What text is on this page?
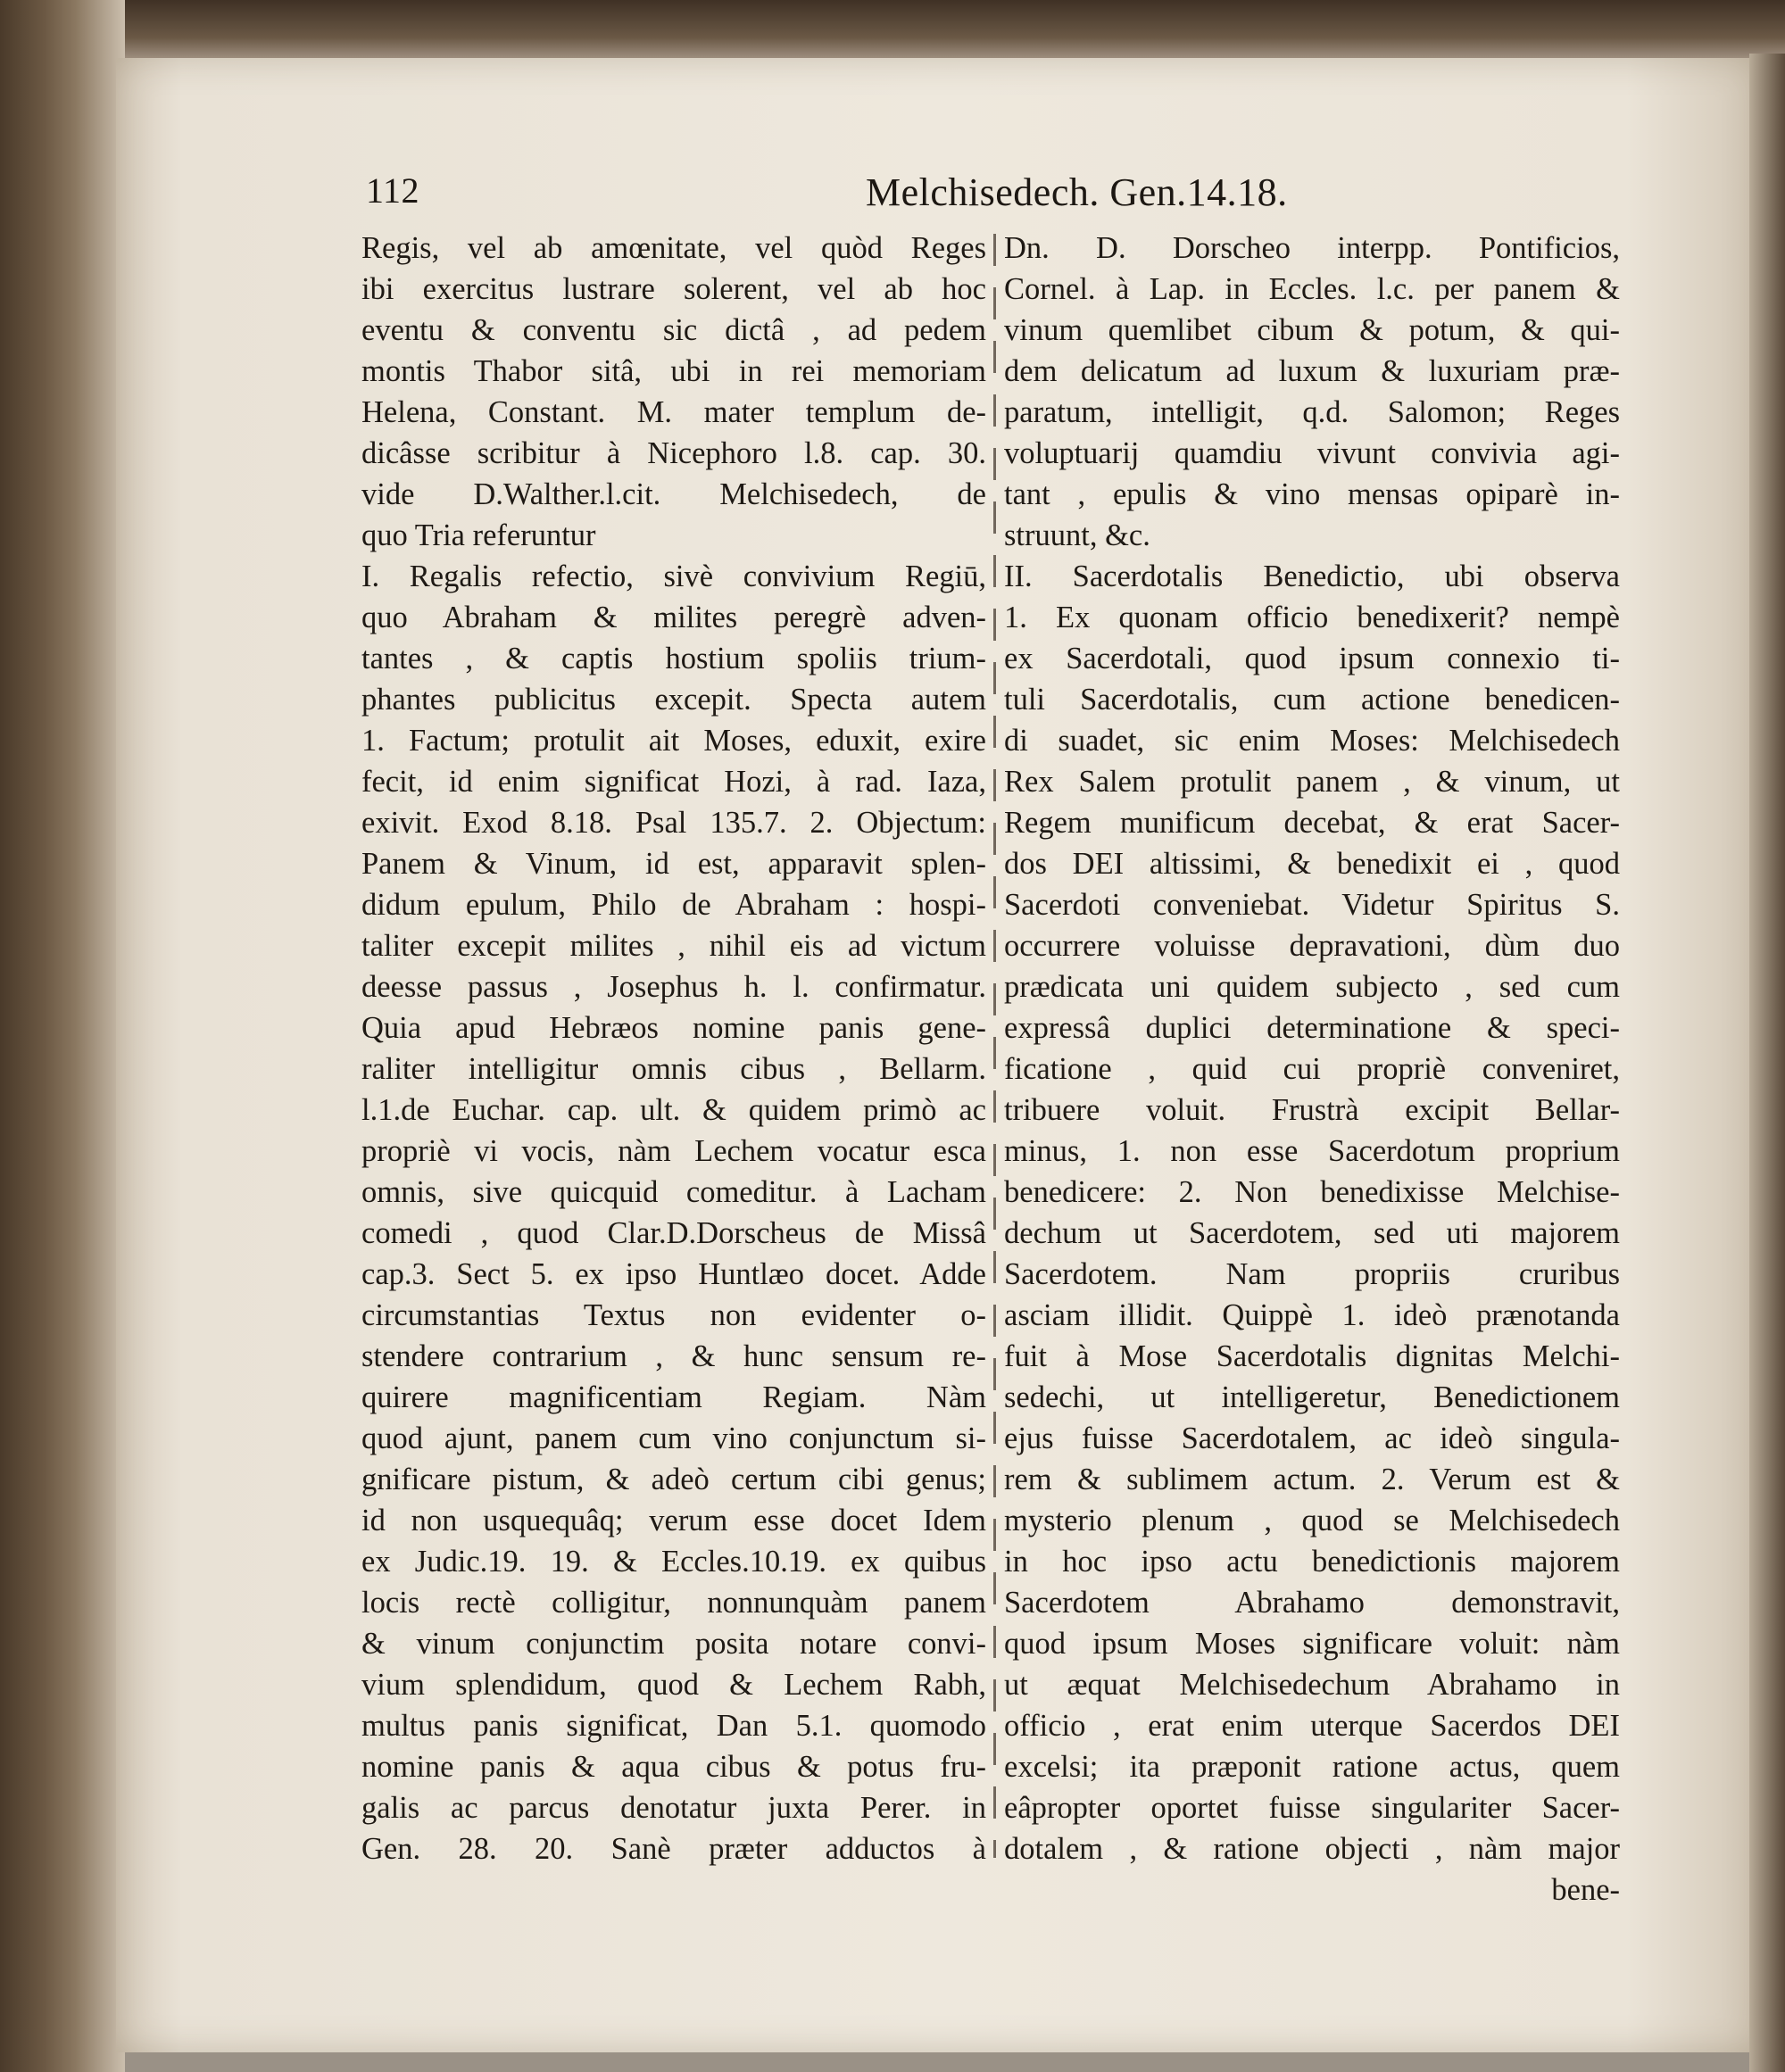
112	Melchisedech. Gen.14.18.
Regis, vel ab amœnitate, vel quòd Reges
ibi exercitus lustrare solerent, vel ab hoc
eventu & conventu sic dictâ , ad pedem
montis Thabor sitâ, ubi in rei memoriam
Helena, Constant. M. mater templum de-
dicâsse scribitur à Nicephoro l.8. cap. 30.
vide D.Walther.l.cit. Melchisedech, de
quo Tria referuntur
I. Regalis refectio, sivè convivium Regiū,
quo Abraham & milites peregrè adven-
tantes , & captis hostium spoliis trium-
phantes publicitus excepit. Specta autem
1. Factum; protulit ait Moses, eduxit, exire
fecit, id enim significat Hozi, à rad. Iaza,
exivit. Exod 8.18. Psal 135.7. 2. Objectum:
Panem & Vinum, id est, apparavit splen-
didum epulum, Philo de Abraham : hospi-
taliter excepit milites , nihil eis ad victum
deesse passus , Josephus h. l. confirmatur.
Quia apud Hebræos nomine panis gene-
raliter intelligitur omnis cibus , Bellarm.
l.1.de Euchar. cap. ult. & quidem primò ac
propriè vi vocis, nàm Lechem vocatur esca
omnis, sive quicquid comeditur. à Lacham
comedi , quod Clar.D.Dorscheus de Missâ
cap.3. Sect 5. ex ipso Huntlæo docet. Adde
circumstantias Textus non evidenter o-
stendere contrarium , & hunc sensum re-
quirere magnificentiam Regiam. Nàm
quod ajunt, panem cum vino conjunctum si-
gnificare pistum, & adeò certum cibi genus;
id non usquequâq; verum esse docet Idem
ex Judic.19. 19. & Eccles.10.19. ex quibus
locis rectè colligitur, nonnunquàm panem
& vinum conjunctim posita notare convi-
vium splendidum, quod & Lechem Rabh,
multus panis significat, Dan 5.1. quomodo
nomine panis & aqua cibus & potus fru-
galis ac parcus denotatur juxta Perer. in
Gen. 28. 20. Sanè præter adductos à
Dn. D. Dorscheo interpp. Pontificios,
Cornel. à Lap. in Eccles. l.c. per panem &
vinum quemlibet cibum & potum, & qui-
dem delicatum ad luxum & luxuriam præ-
paratum, intelligit, q.d. Salomon; Reges
voluptuarij quamdiu vivunt convivia agi-
tant , epulis & vino mensas opiparè in-
struunt, &c.
II. Sacerdotalis Benedictio, ubi observa
1. Ex quonam officio benedixerit? nempè
ex Sacerdotali, quod ipsum connexio ti-
tuli Sacerdotalis, cum actione benedicen-
di suadet, sic enim Moses: Melchisedech
Rex Salem protulit panem , & vinum, ut
Regem munificum decebat, & erat Sacer-
dos DEI altissimi, & benedixit ei , quod
Sacerdoti conveniebat. Videtur Spiritus S.
occurrere voluisse depravationi, dùm duo
prædicata uni quidem subjecto , sed cum
expressâ duplici determinatione & speci-
ficatione , quid cui propriè conveniret,
tribuere voluit. Frustrà excipit Bellar-
minus, 1. non esse Sacerdotum proprium
benedicere: 2. Non benedixisse Melchise-
dechum ut Sacerdotem, sed uti majorem
Sacerdotem. Nam propriis cruribus
asciam illidit. Quippè 1. ideò prænotanda
fuit à Mose Sacerdotalis dignitas Melchi-
sedechi, ut intelligeretur, Benedictionem
ejus fuisse Sacerdotalem, ac ideò singula-
rem & sublimem actum. 2. Verum est &
mysterio plenum , quod se Melchisedech
in hoc ipso actu benedictionis majorem
Sacerdotem Abrahamo demonstravit,
quod ipsum Moses significare voluit: nàm
ut æquat Melchisedechum Abrahamo in
officio , erat enim uterque Sacerdos DEI
excelsi; ita præponit ratione actus, quem
eâpropter oportet fuisse singulariter Sacer-
dotalem , & ratione objecti , nàm major
bene-
